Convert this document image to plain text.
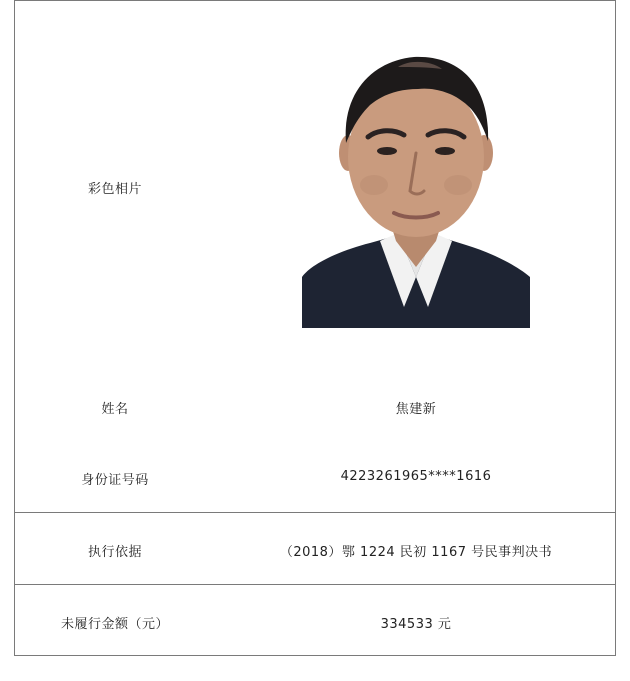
彩色相片
姓名	焦建新
身份证号码	4223261965****1616
执行依据	（2018）鄂 1224 民初 1167 号民事判决书
未履行金额（元）	334533 元
